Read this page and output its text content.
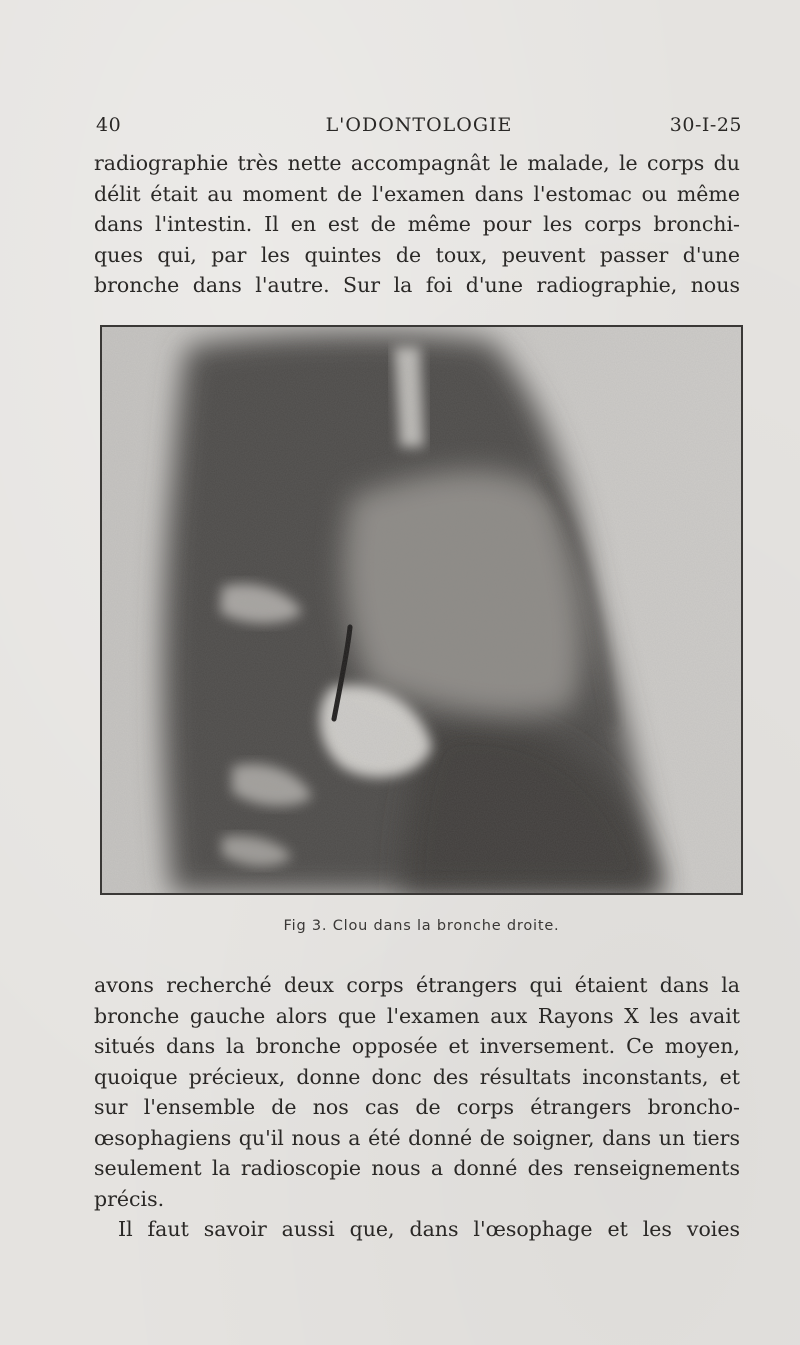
40	L'ODONTOLOGIE	30-I-25
radiographie très nette accompagnât le malade, le corps du
délit était au moment de l'examen dans l'estomac ou même
dans l'intestin. Il en est de même pour les corps bronchi-
ques qui, par les quintes de toux, peuvent passer d'une
bronche dans l'autre. Sur la foi d'une radiographie, nous
Fig 3. Clou dans la bronche droite.
avons recherché deux corps étrangers qui étaient dans la
bronche gauche alors que l'examen aux Rayons X les avait
situés dans la bronche opposée et inversement. Ce moyen,
quoique précieux, donne donc des résultats inconstants, et
sur l'ensemble de nos cas de corps étrangers broncho-
œsophagiens qu'il nous a été donné de soigner, dans un tiers
seulement la radioscopie nous a donné des renseignements
précis.
Il faut savoir aussi que, dans l'œsophage et les voies
